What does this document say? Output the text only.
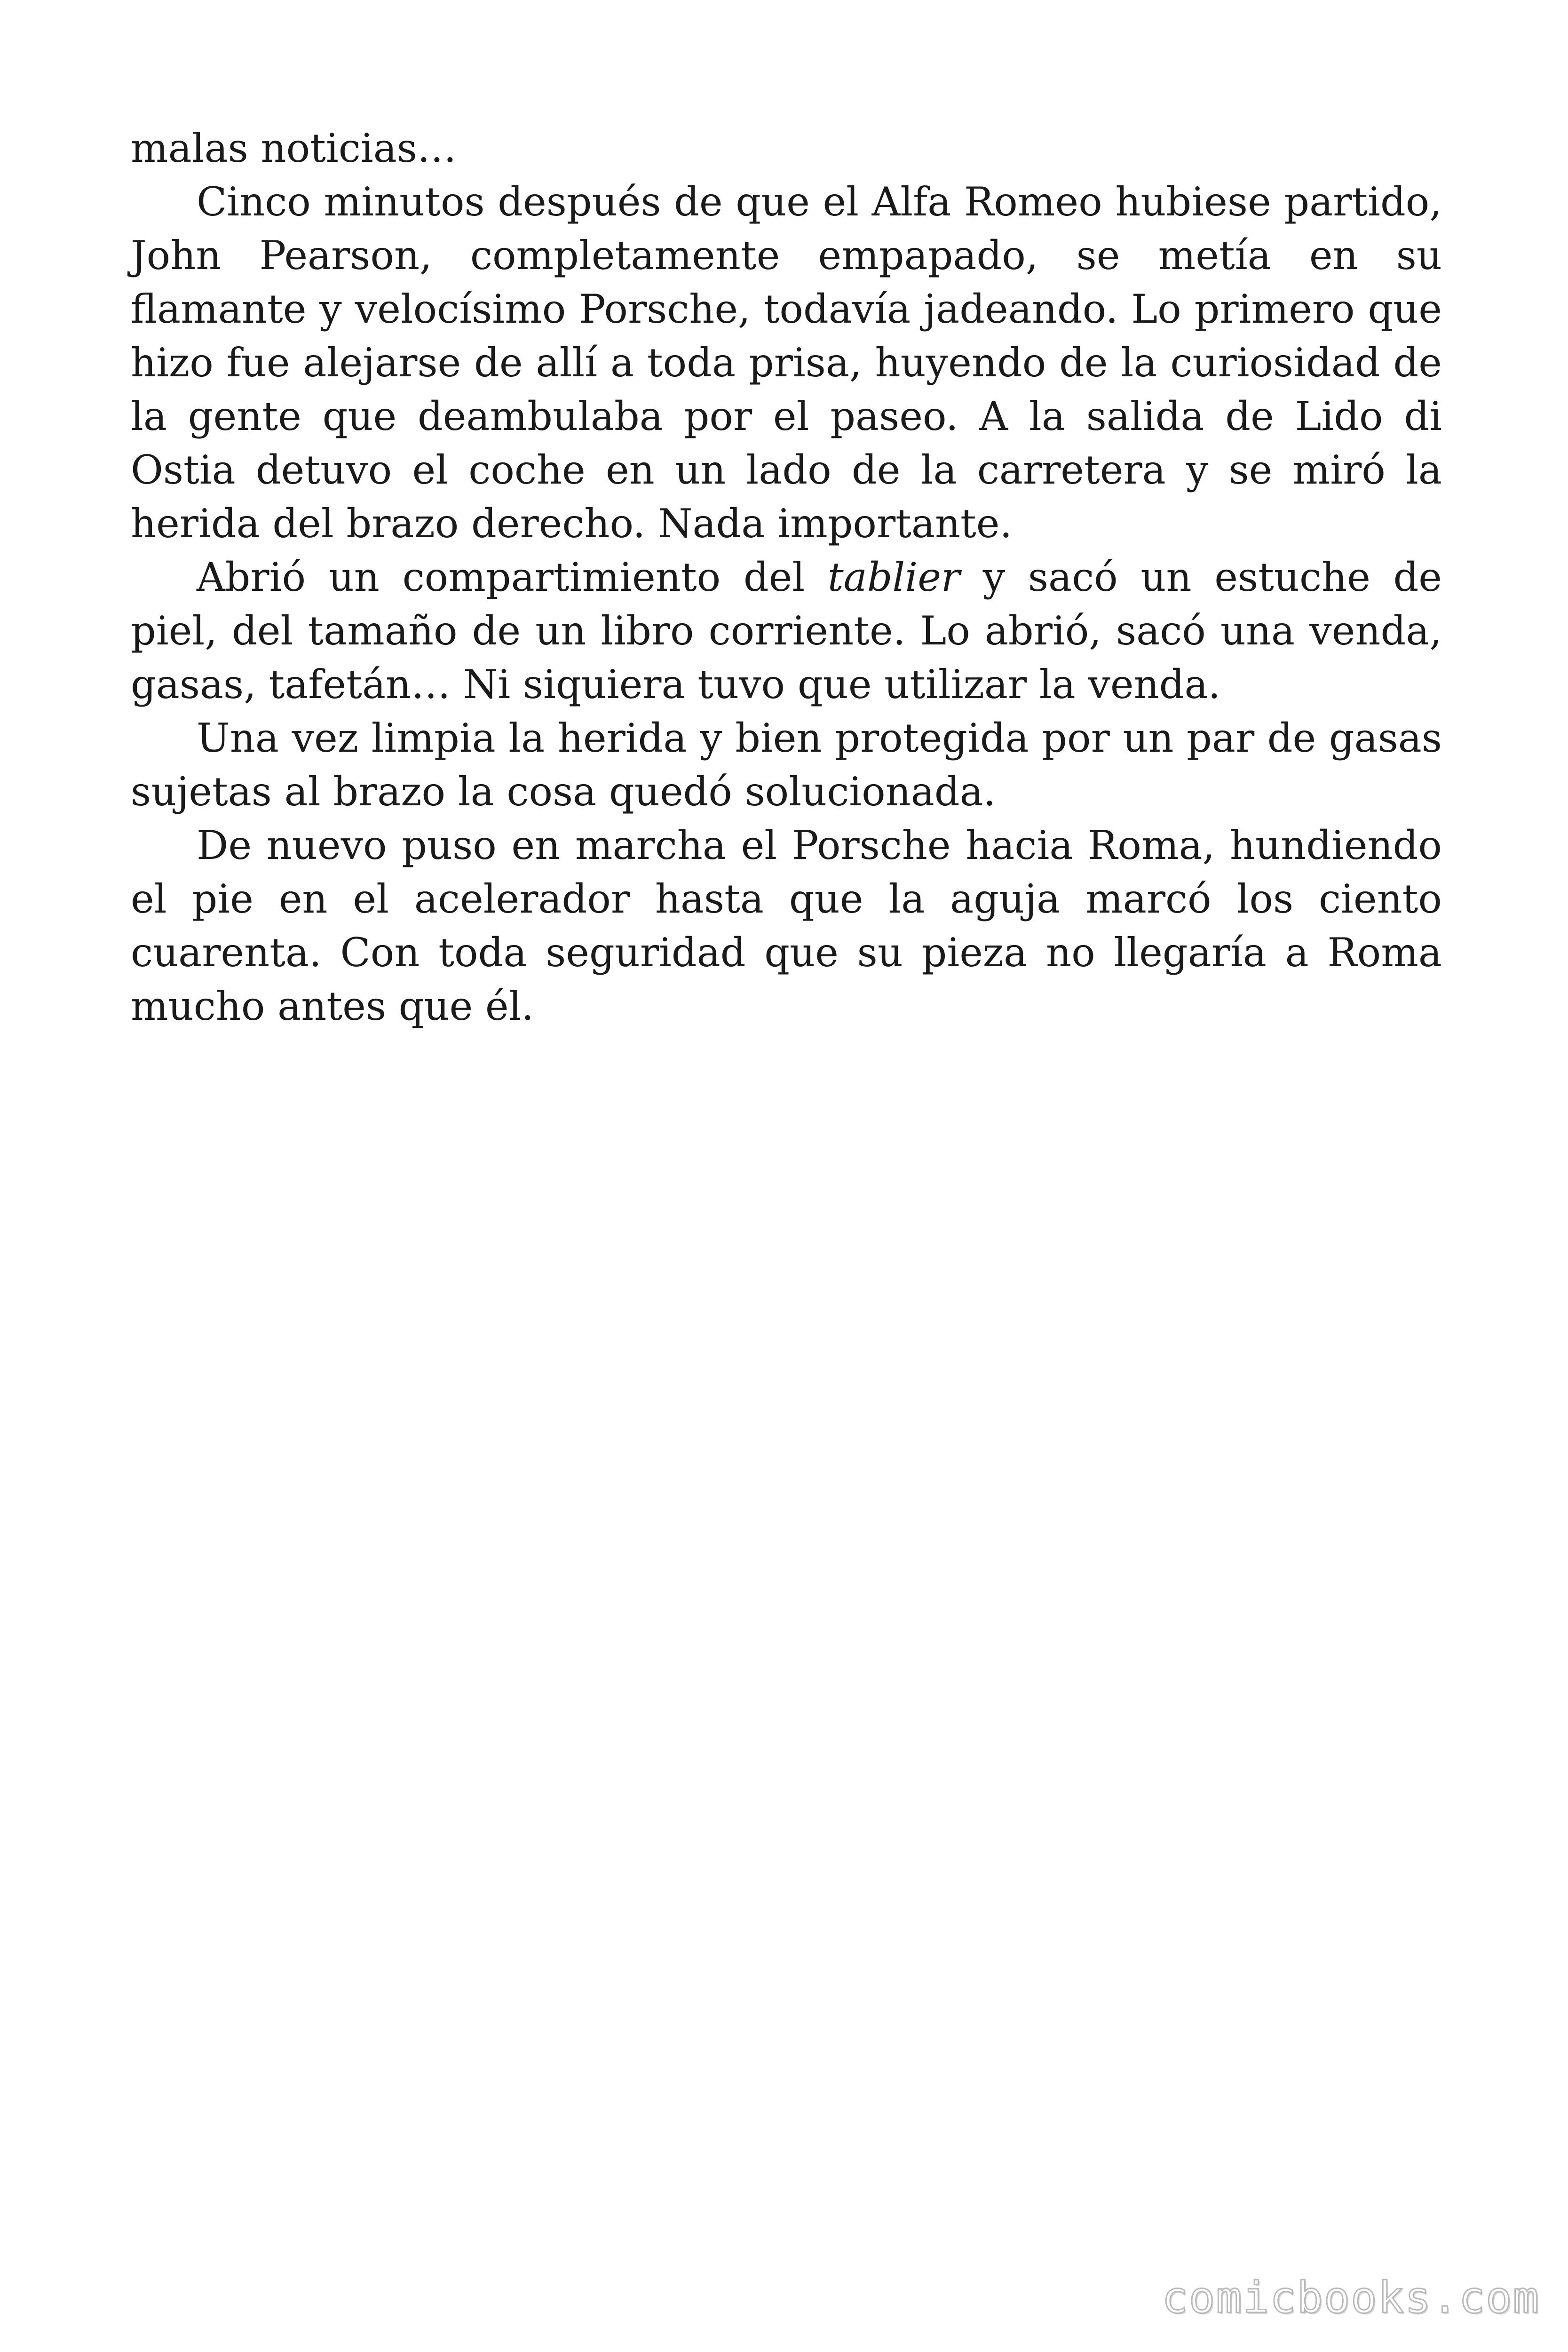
malas noticias…

Cinco minutos después de que el Alfa Romeo hubiese partido, John Pearson, completamente empapado, se metía en su flamante y velocísimo Porsche, todavía jadeando. Lo primero que hizo fue alejarse de allí a toda prisa, huyendo de la curiosidad de la gente que deambulaba por el paseo. A la salida de Lido di Ostia detuvo el coche en un lado de la carretera y se miró la herida del brazo derecho. Nada importante.

Abrió un compartimiento del tablier y sacó un estuche de piel, del tamaño de un libro corriente. Lo abrió, sacó una venda, gasas, tafetán… Ni siquiera tuvo que utilizar la venda.

Una vez limpia la herida y bien protegida por un par de gasas sujetas al brazo la cosa quedó solucionada.

De nuevo puso en marcha el Porsche hacia Roma, hundiendo el pie en el acelerador hasta que la aguja marcó los ciento cuarenta. Con toda seguridad que su pieza no llegaría a Roma mucho antes que él.

comicbooks.com
